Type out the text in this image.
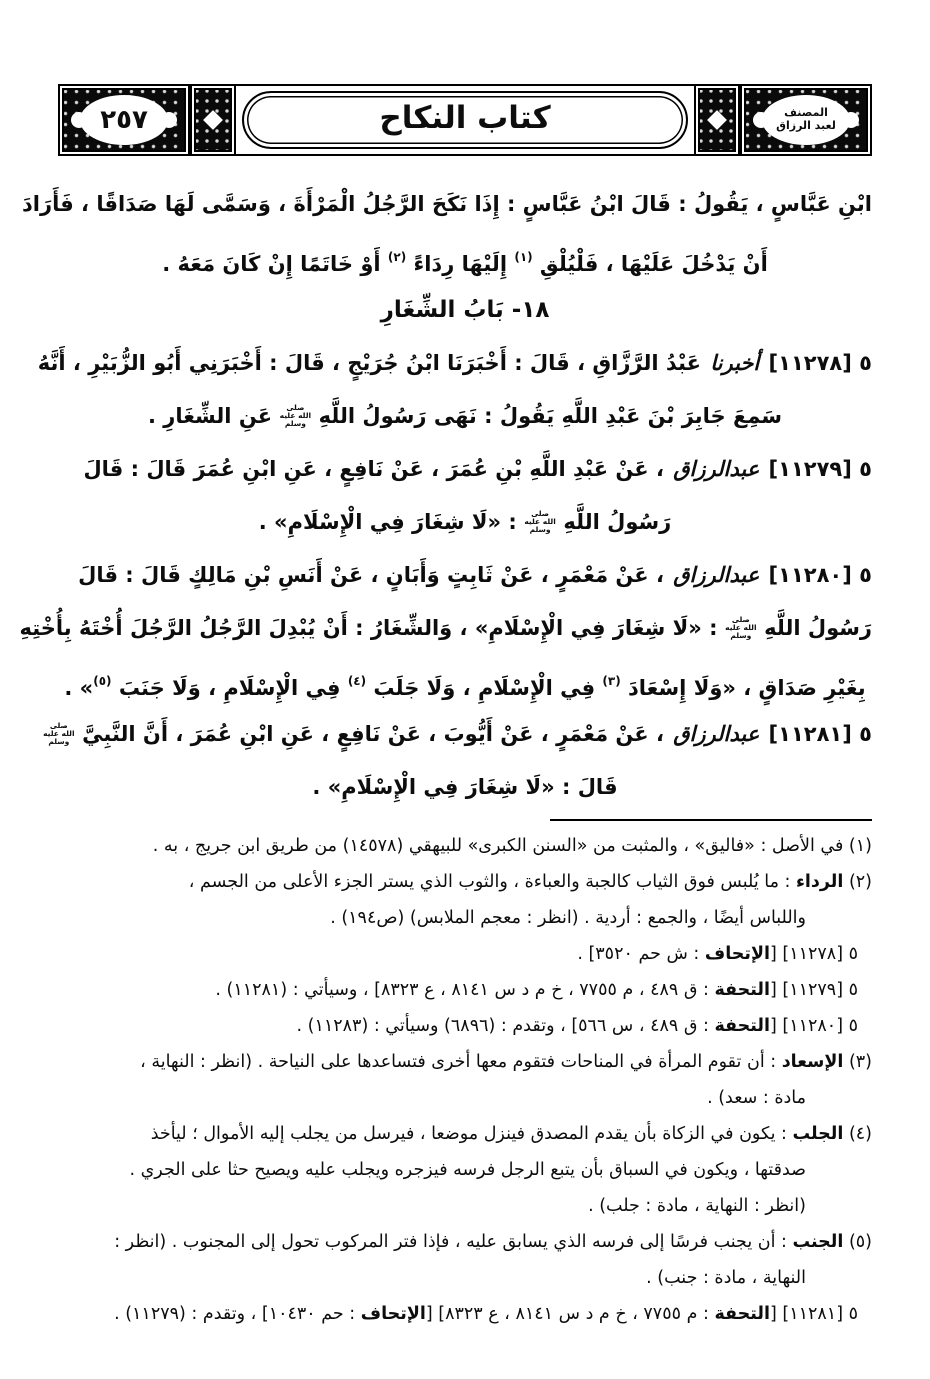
المصنف
لعبد الرزاق
كتاب النكاح
٢٥٧
ابْنِ عَبَّاسٍ ، يَقُولُ : قَالَ ابْنُ عَبَّاسٍ : إِذَا نَكَحَ الرَّجُلُ الْمَرْأَةَ ، وَسَمَّى لَهَا صَدَاقًا ، فَأَرَادَ
أَنْ يَدْخُلَ عَلَيْهَا ، فَلْيُلْقِ $^{(١)}$ إِلَيْهَا رِدَاءً $^{(٢)}$ أَوْ خَاتَمًا إِنْ كَانَ مَعَهُ .
١٨- بَابُ الشِّغَارِ
٥ [١١٢٧٨] أخبرنا عَبْدُ الرَّزَّاقِ ، قَالَ : أَخْبَرَنَا ابْنُ جُرَيْجٍ ، قَالَ : أَخْبَرَنِي أَبُو الزُّبَيْرِ ، أَنَّهُ
سَمِعَ جَابِرَ بْنَ عَبْدِ اللَّهِ يَقُولُ : نَهَى رَسُولُ اللَّهِ صلى الله عليه وسلم عَنِ الشِّغَارِ .
٥ [١١٢٧٩] عبدالرزاق ، عَنْ عَبْدِ اللَّهِ بْنِ عُمَرَ ، عَنْ نَافِعٍ ، عَنِ ابْنِ عُمَرَ قَالَ : قَالَ
رَسُولُ اللَّهِ صلى الله عليه وسلم : «لَا شِغَارَ فِي الْإِسْلَامِ» .
٥ [١١٢٨٠] عبدالرزاق ، عَنْ مَعْمَرٍ ، عَنْ ثَابِتٍ وَأَبَانٍ ، عَنْ أَنَسِ بْنِ مَالِكٍ قَالَ : قَالَ
رَسُولُ اللَّهِ صلى الله عليه وسلم : «لَا شِغَارَ فِي الْإِسْلَامِ» ، وَالشِّغَارُ : أَنْ يُبْدِلَ الرَّجُلُ الرَّجُلَ أُخْتَهُ بِأُخْتِهِ
بِغَيْرِ صَدَاقٍ ، «وَلَا إِسْعَادَ $^{(٣)}$ فِي الْإِسْلَامِ ، وَلَا جَلَبَ $^{(٤)}$ فِي الْإِسْلَامِ ، وَلَا جَنَبَ $^{(٥)}$» .
٥ [١١٢٨١] عبدالرزاق ، عَنْ مَعْمَرٍ ، عَنْ أَيُّوبَ ، عَنْ نَافِعٍ ، عَنِ ابْنِ عُمَرَ ، أَنَّ النَّبِيَّ صلى الله عليه وسلم
قَالَ : «لَا شِغَارَ فِي الْإِسْلَامِ» .
(١) في الأصل : «فاليق» ، والمثبت من «السنن الكبرى» للبيهقي (١٤٥٧٨) من طريق ابن جريج ، به .
(٢) الرداء : ما يُلبس فوق الثياب كالجبة والعباءة ، والثوب الذي يستر الجزء الأعلى من الجسم ،
واللباس أيضًا ، والجمع : أردية . (انظر : معجم الملابس) (ص١٩٤) .
٥ [١١٢٧٨] [الإتحاف : ش حم ٣٥٢٠] .
٥ [١١٢٧٩] [التحفة : ق ٤٨٩ ، م ٧٧٥٥ ، خ م د س ٨١٤١ ، ع ٨٣٢٣] ، وسيأتي : (١١٢٨١) .
٥ [١١٢٨٠] [التحفة : ق ٤٨٩ ، س ٥٦٦] ، وتقدم : (٦٨٩٦) وسيأتي : (١١٢٨٣) .
(٣) الإسعاد : أن تقوم المرأة في المناحات فتقوم معها أخرى فتساعدها على النياحة . (انظر : النهاية ،
مادة : سعد) .
(٤) الجلب : يكون في الزكاة بأن يقدم المصدق فينزل موضعا ، فيرسل من يجلب إليه الأموال ؛ ليأخذ
صدقتها ، ويكون في السباق بأن يتبع الرجل فرسه فيزجره ويجلب عليه ويصيح حثا على الجري .
(انظر : النهاية ، مادة : جلب) .
(٥) الجنب : أن يجنب فرسًا إلى فرسه الذي يسابق عليه ، فإذا فتر المركوب تحول إلى المجنوب . (انظر :
النهاية ، مادة : جنب) .
٥ [١١٢٨١] [التحفة : م ٧٧٥٥ ، خ م د س ٨١٤١ ، ع ٨٣٢٣] [الإتحاف : حم ١٠٤٣٠] ، وتقدم : (١١٢٧٩) .
